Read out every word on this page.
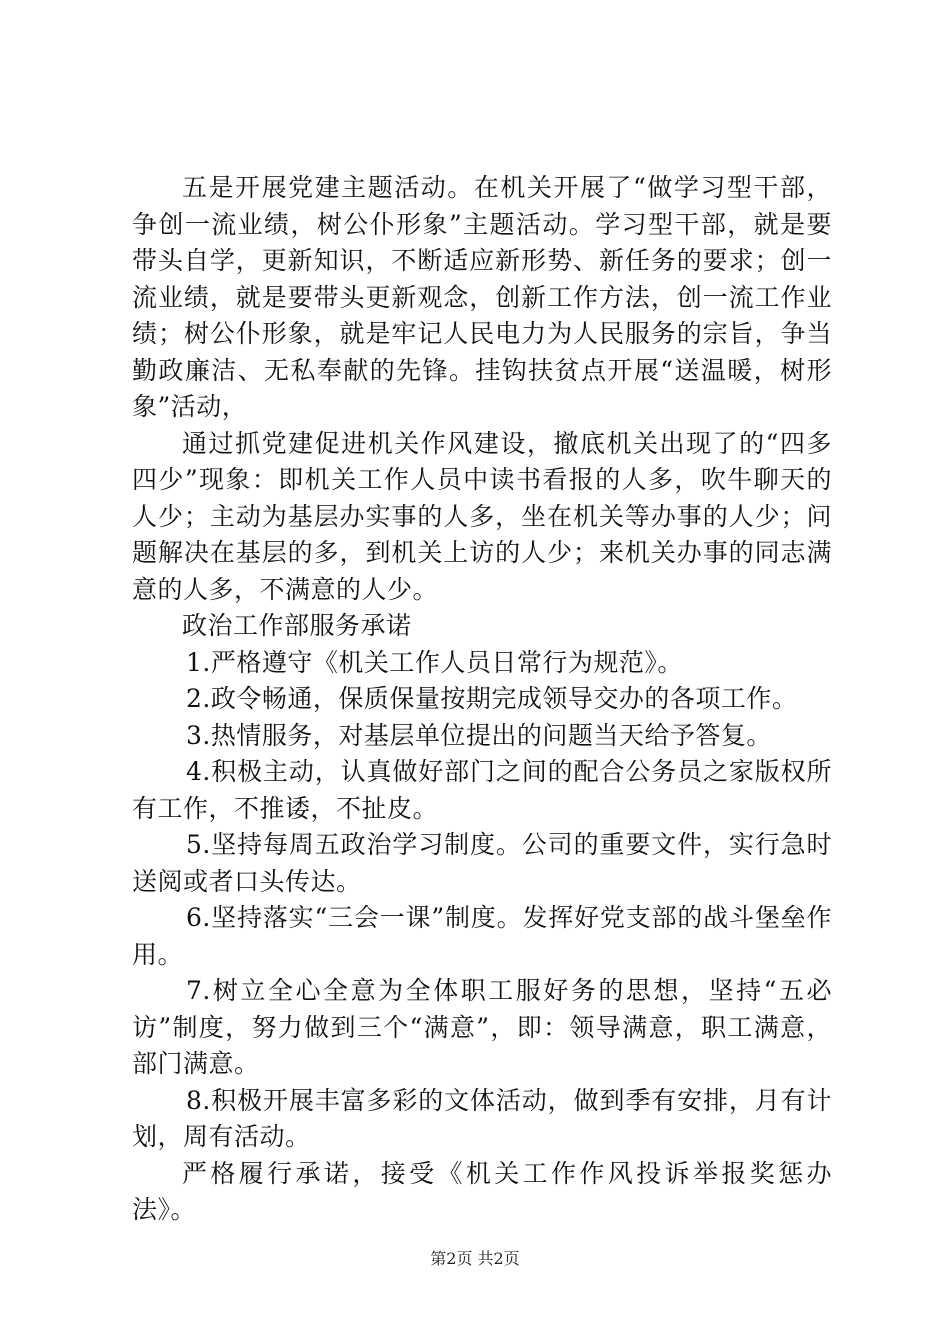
五是开展党建主题活动。在机关开展了“做学习型干部，争创一流业绩，树公仆形象”主题活动。学习型干部，就是要带头自学，更新知识，不断适应新形势、新任务的要求；创一流业绩，就是要带头更新观念，创新工作方法，创一流工作业绩；树公仆形象，就是牢记人民电力为人民服务的宗旨，争当勤政廉洁、无私奉献的先锋。挂钩扶贫点开展“送温暖，树形象”活动，

通过抓党建促进机关作风建设，撤底机关出现了的“四多四少”现象：即机关工作人员中读书看报的人多，吹牛聊天的人少；主动为基层办实事的人多，坐在机关等办事的人少；问题解决在基层的多，到机关上访的人少；来机关办事的同志满意的人多，不满意的人少。

政治工作部服务承诺

1.严格遵守《机关工作人员日常行为规范》。

2.政令畅通，保质保量按期完成领导交办的各项工作。

3.热情服务，对基层单位提出的问题当天给予答复。

4.积极主动，认真做好部门之间的配合公务员之家版权所有工作，不推诿，不扯皮。

5.坚持每周五政治学习制度。公司的重要文件，实行急时送阅或者口头传达。

6.坚持落实“三会一课”制度。发挥好党支部的战斗堡垒作用。

7.树立全心全意为全体职工服好务的思想，坚持“五必访”制度，努力做到三个“满意”，即：领导满意，职工满意，部门满意。

8.积极开展丰富多彩的文体活动，做到季有安排，月有计划，周有活动。

严格履行承诺，接受《机关工作作风投诉举报奖惩办法》。

第2页 共2页
